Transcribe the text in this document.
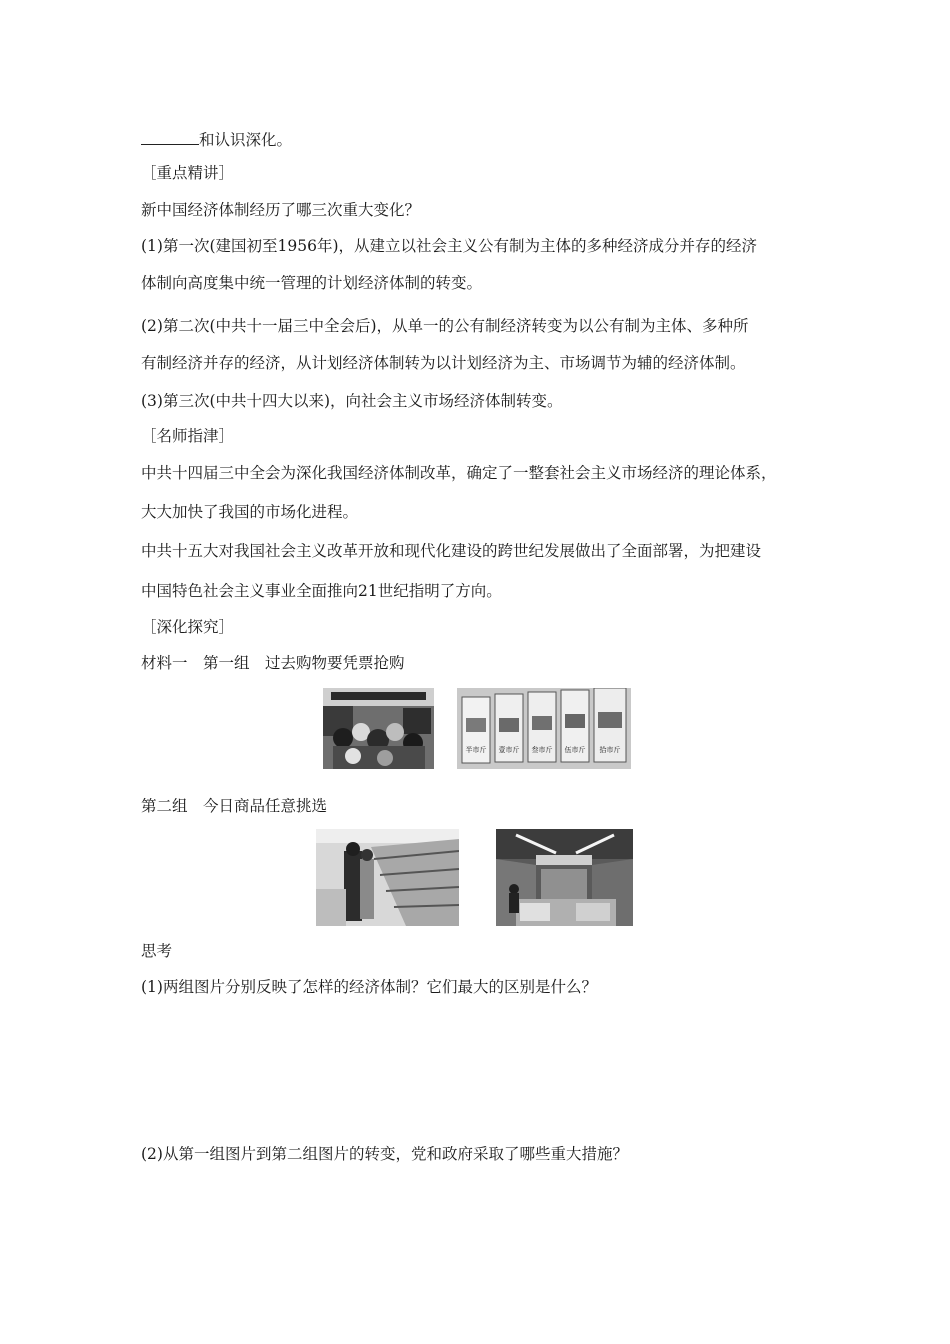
和认识深化。
［重点精讲］
新中国经济体制经历了哪三次重大变化？
(1)第一次(建国初至1956年)，从建立以社会主义公有制为主体的多种经济成分并存的经济
体制向高度集中统一管理的计划经济体制的转变。
(2)第二次(中共十一届三中全会后)，从单一的公有制经济转变为以公有制为主体、多种所
有制经济并存的经济，从计划经济体制转为以计划经济为主、市场调节为辅的经济体制。
(3)第三次(中共十四大以来)，向社会主义市场经济体制转变。
［名师指津］
中共十四届三中全会为深化我国经济体制改革，确定了一整套社会主义市场经济的理论体系，
大大加快了我国的市场化进程。
中共十五大对我国社会主义改革开放和现代化建设的跨世纪发展做出了全面部署，为把建设
中国特色社会主义事业全面推向21世纪指明了方向。
［深化探究］
材料一　第一组　过去购物要凭票抢购
半市斤 壹市斤 叁市斤 伍市斤 拾市斤
第二组　今日商品任意挑选
思考
(1)两组图片分别反映了怎样的经济体制？它们最大的区别是什么？
(2)从第一组图片到第二组图片的转变，党和政府采取了哪些重大措施？
